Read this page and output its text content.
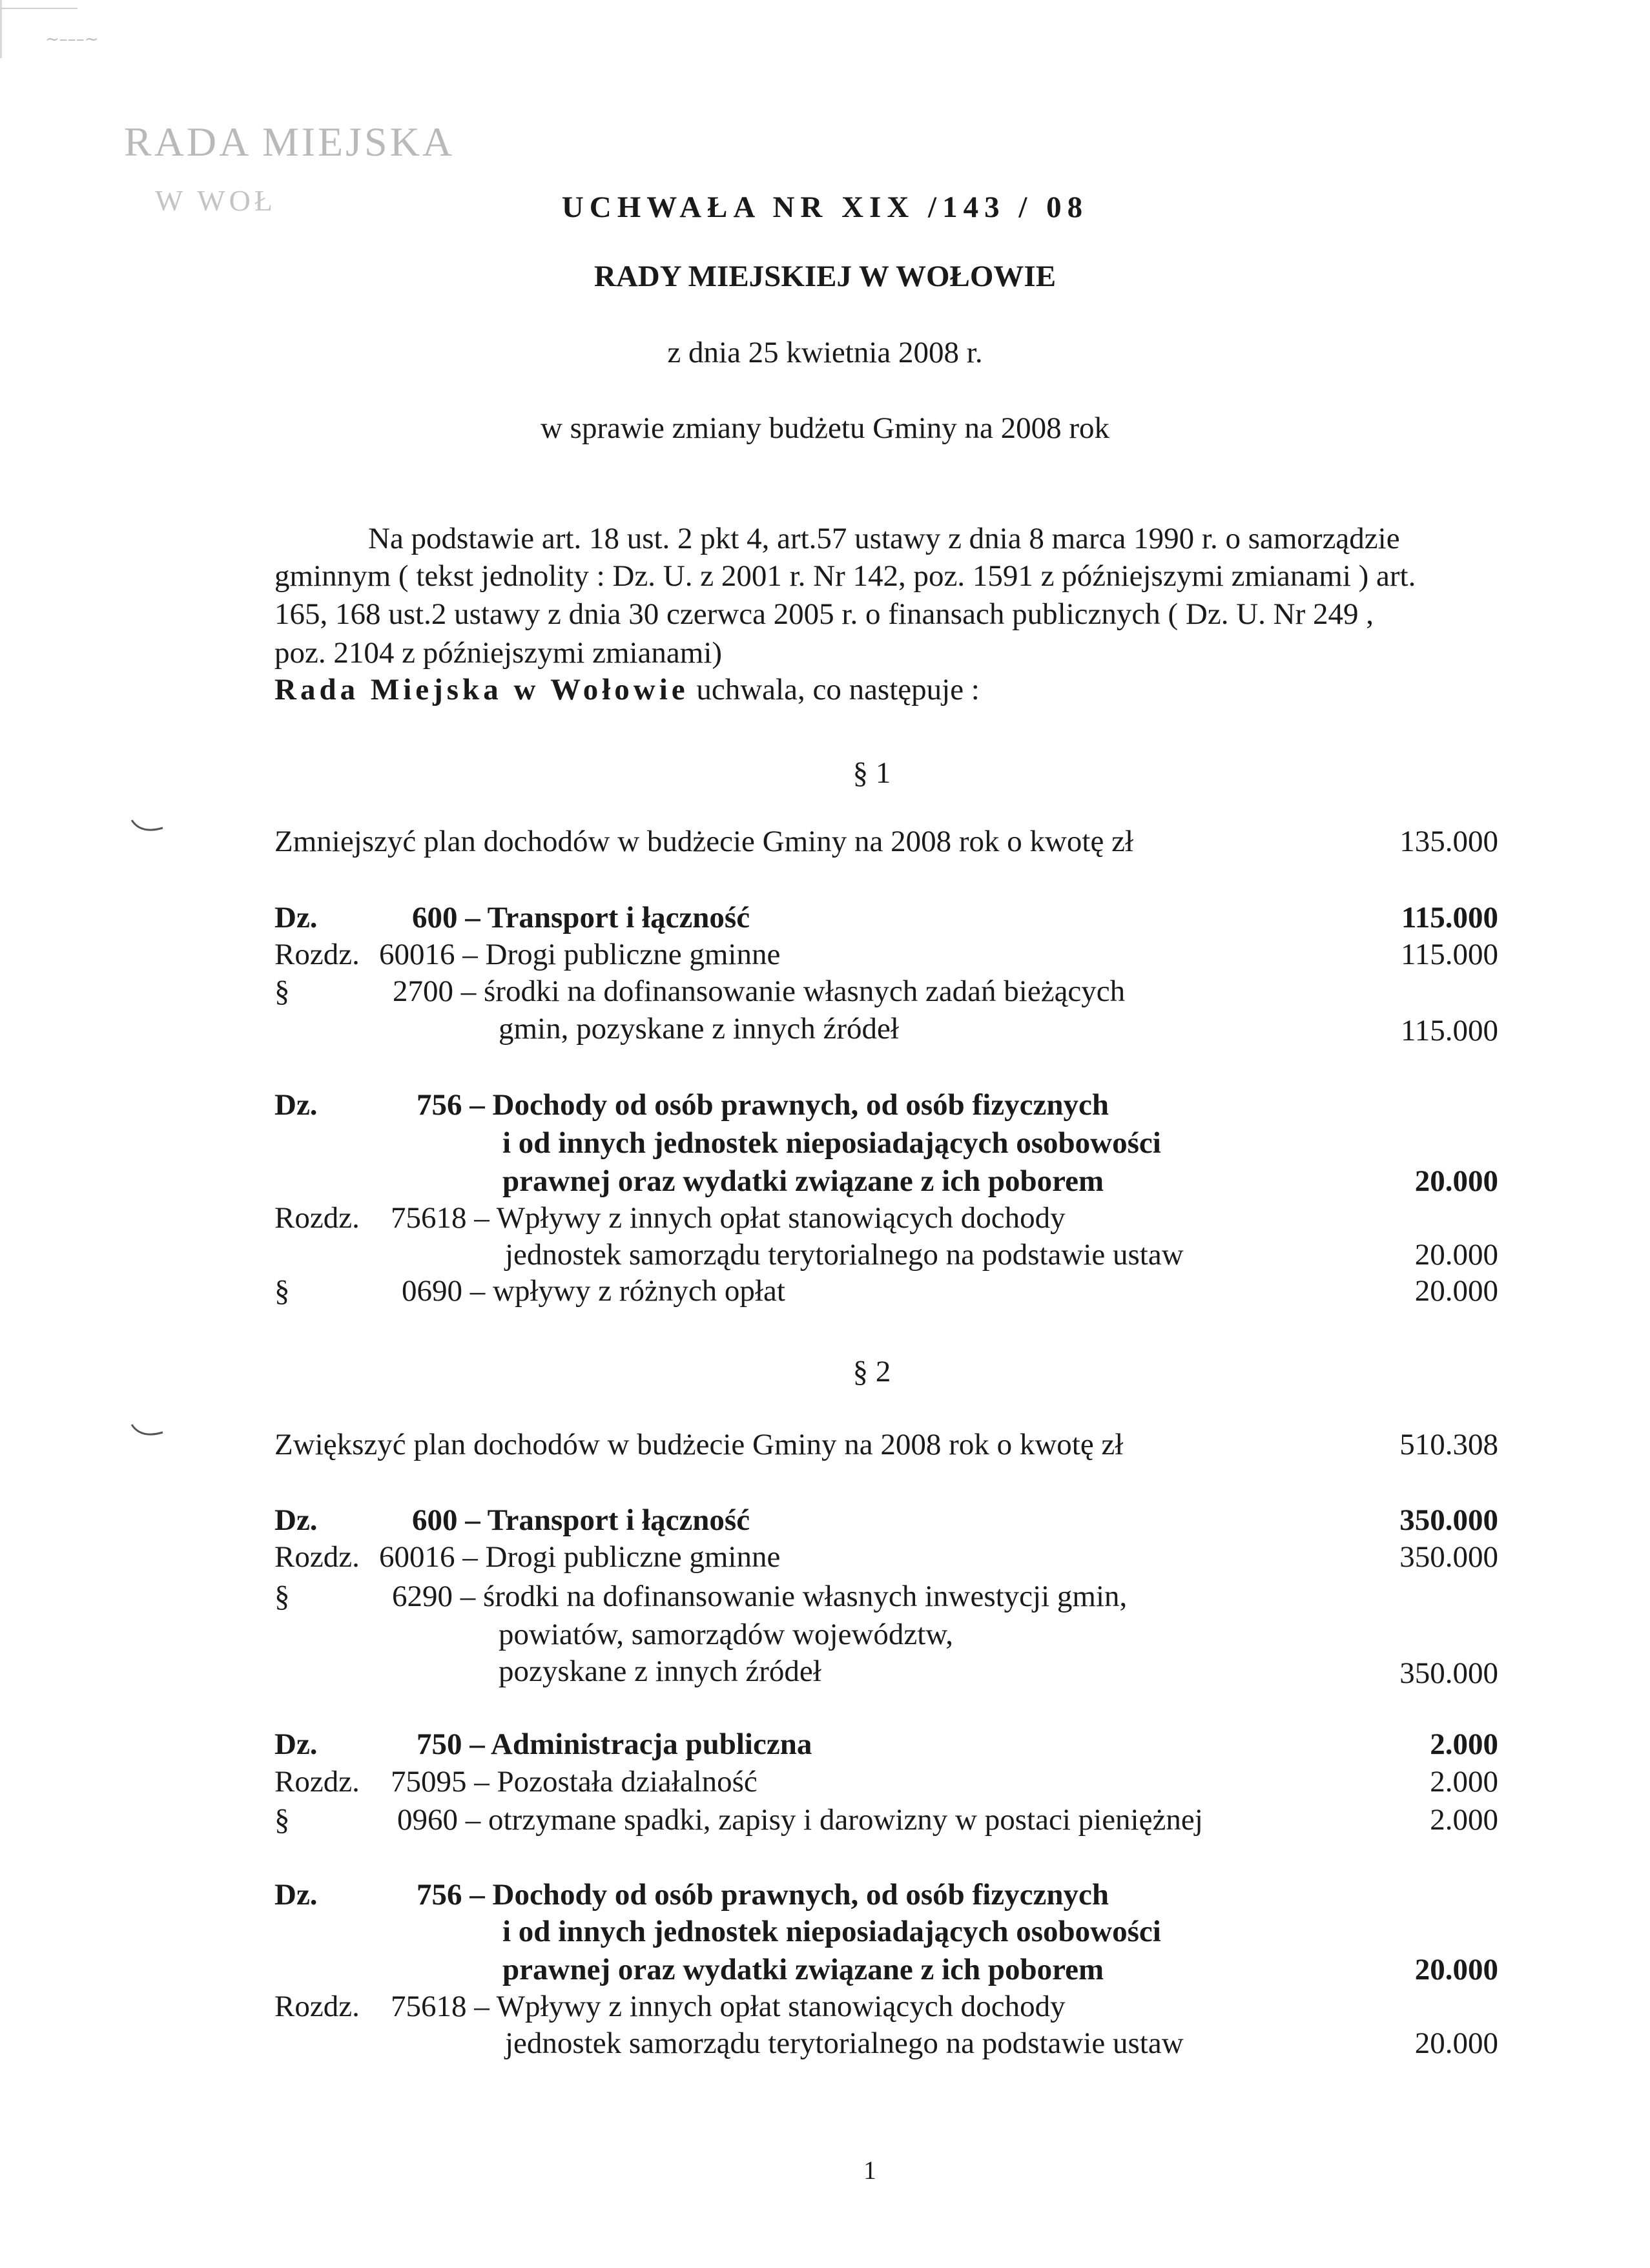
~–––~
RADA MIEJSKA
W WOŁ	UCHWAŁA NR XIX /143 / 08
RADY MIEJSKIEJ W WOŁOWIE
z dnia 25 kwietnia 2008 r.
w sprawie zmiany budżetu Gminy na 2008 rok
Na podstawie art. 18 ust. 2 pkt 4, art.57 ustawy z dnia 8 marca 1990 r. o samorządzie
gminnym ( tekst jednolity : Dz. U. z 2001 r. Nr 142, poz. 1591 z późniejszymi zmianami ) art.
165, 168 ust.2 ustawy z dnia 30 czerwca 2005 r. o finansach publicznych ( Dz. U. Nr 249 ,
poz. 2104 z późniejszymi zmianami)
Rada Miejska w Wołowie uchwala, co następuje :
§ 1
Zmniejszyć plan dochodów w budżecie Gminy na 2008 rok o kwotę zł	135.000
Dz.	600 – Transport i łączność	115.000
Rozdz. 60016 – Drogi publiczne gminne	115.000
§	2700 – środki na dofinansowanie własnych zadań bieżących
gmin, pozyskane z innych źródeł	115.000
Dz.	756 – Dochody od osób prawnych, od osób fizycznych
i od innych jednostek nieposiadających osobowości
prawnej oraz wydatki związane z ich poborem	20.000
Rozdz. 75618 – Wpływy z innych opłat stanowiących dochody
jednostek samorządu terytorialnego na podstawie ustaw	20.000
§	0690 – wpływy z różnych opłat	20.000
§ 2
Zwiększyć plan dochodów w budżecie Gminy na 2008 rok o kwotę zł	510.308
Dz.	600 – Transport i łączność	350.000
Rozdz. 60016 – Drogi publiczne gminne	350.000
§	6290 – środki na dofinansowanie własnych inwestycji gmin,
powiatów, samorządów województw,
pozyskane z innych źródeł	350.000
Dz.	750 – Administracja publiczna	2.000
Rozdz. 75095 – Pozostała działalność	2.000
§	0960 – otrzymane spadki, zapisy i darowizny w postaci pieniężnej	2.000
Dz.	756 – Dochody od osób prawnych, od osób fizycznych
i od innych jednostek nieposiadających osobowości
prawnej oraz wydatki związane z ich poborem	20.000
Rozdz. 75618 – Wpływy z innych opłat stanowiących dochody
jednostek samorządu terytorialnego na podstawie ustaw	20.000
1
